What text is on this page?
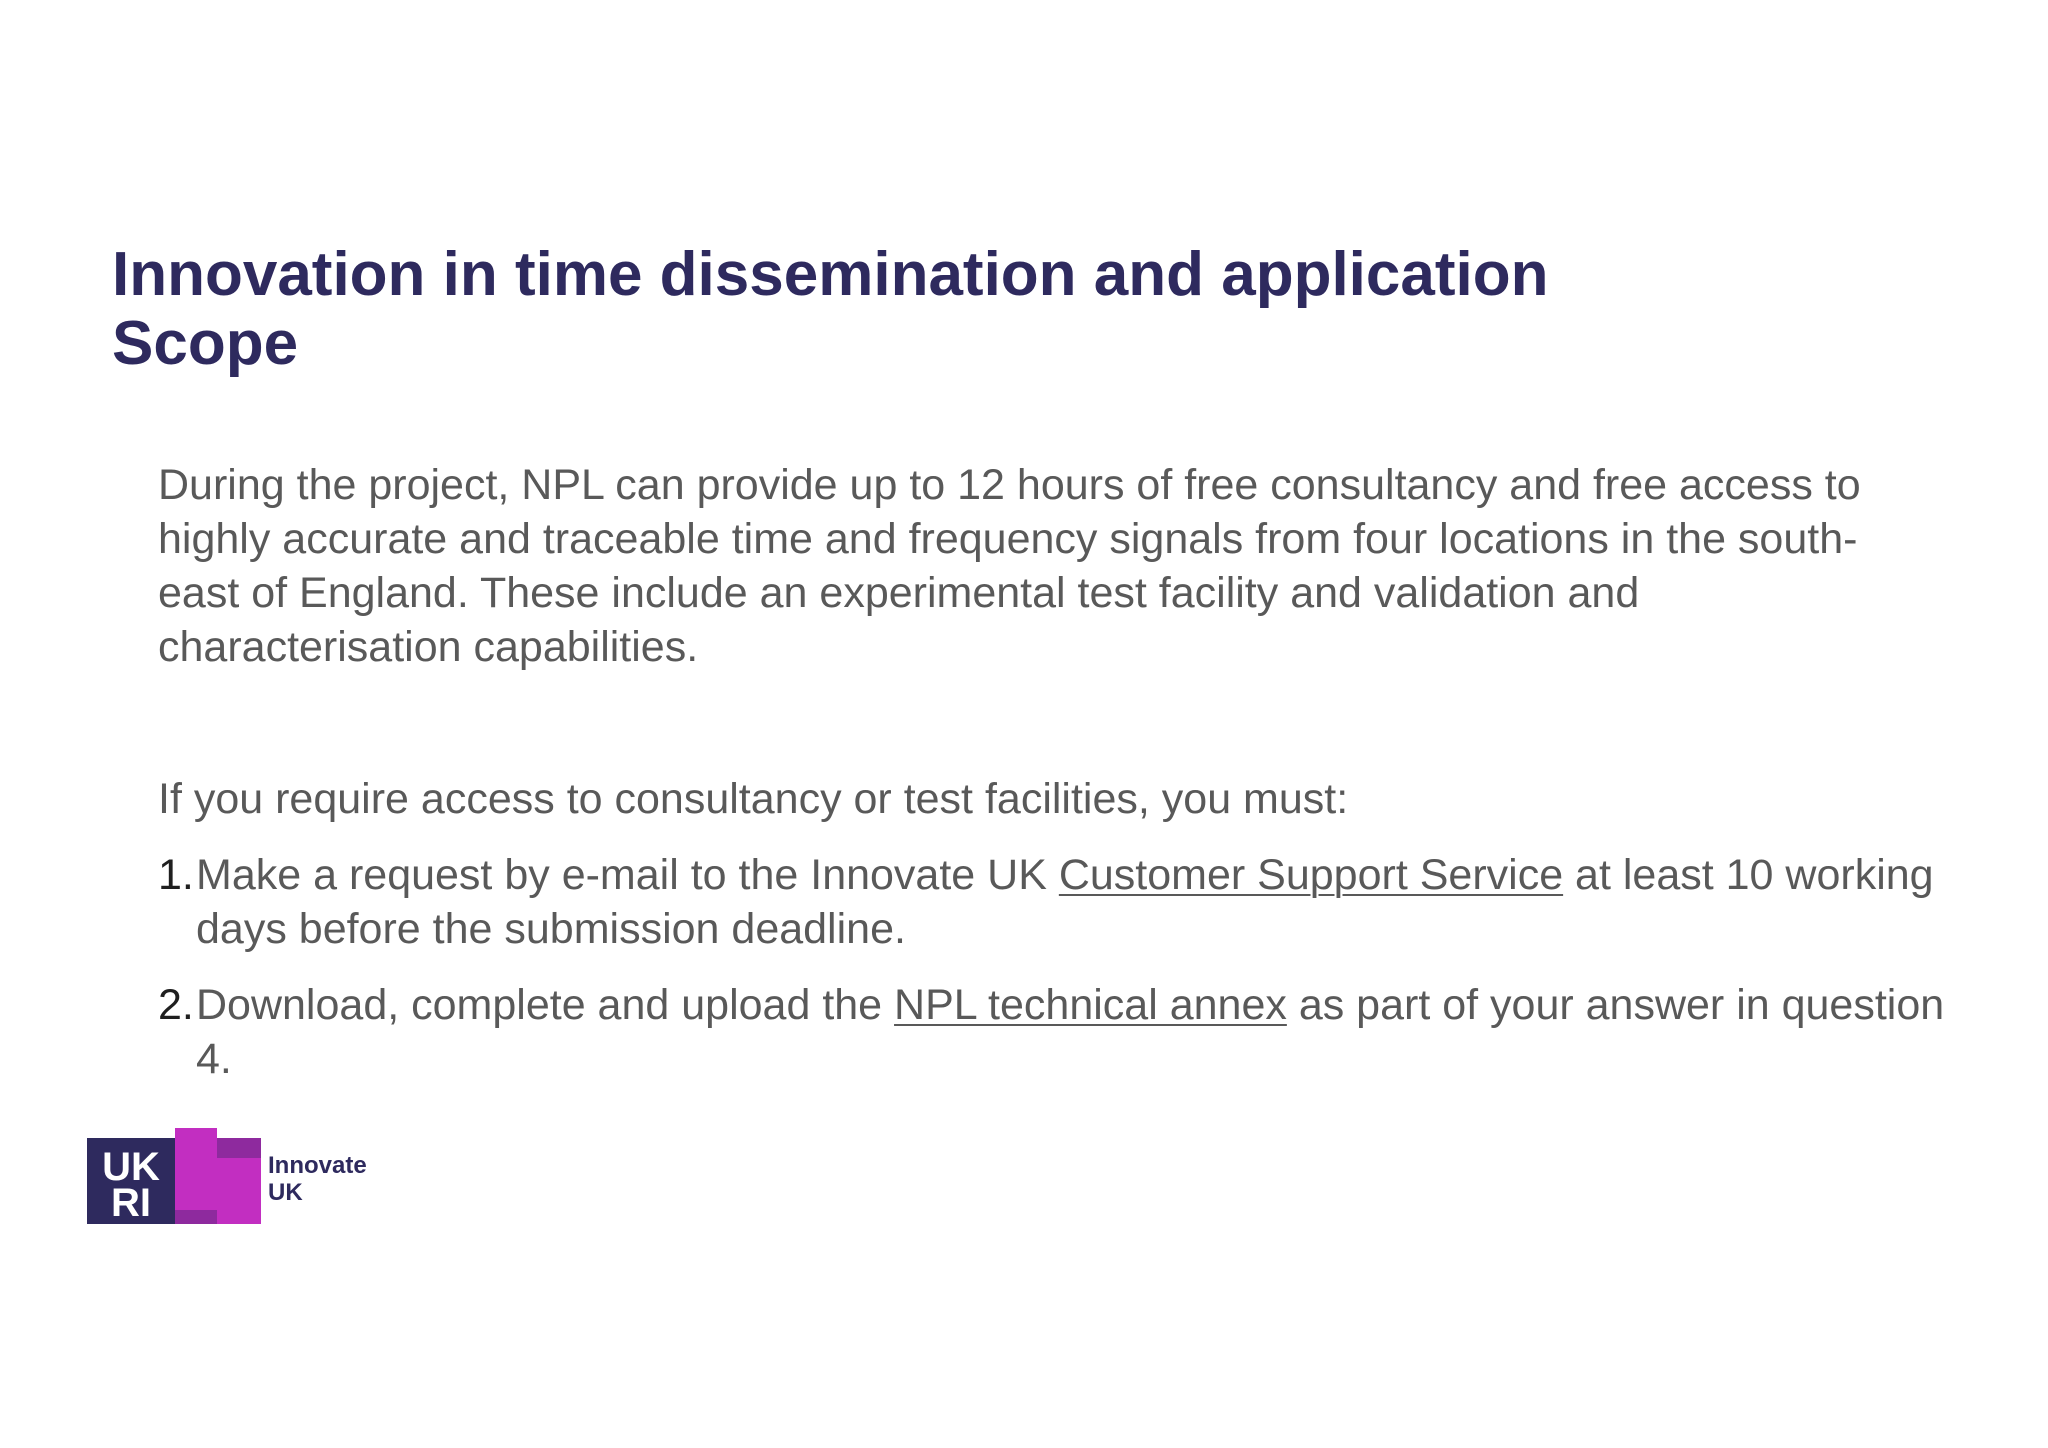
Innovation in time dissemination and application
Scope

During the project, NPL can provide up to 12 hours of free consultancy and free access to highly accurate and traceable time and frequency signals from four locations in the south-east of England. These include an experimental test facility and validation and characterisation capabilities.

If you require access to consultancy or test facilities, you must:

1. Make a request by e-mail to the Innovate UK Customer Support Service at least 10 working days before the submission deadline.
2. Download, complete and upload the NPL technical annex as part of your answer in question 4.
UK
RI
Innovate
UK
